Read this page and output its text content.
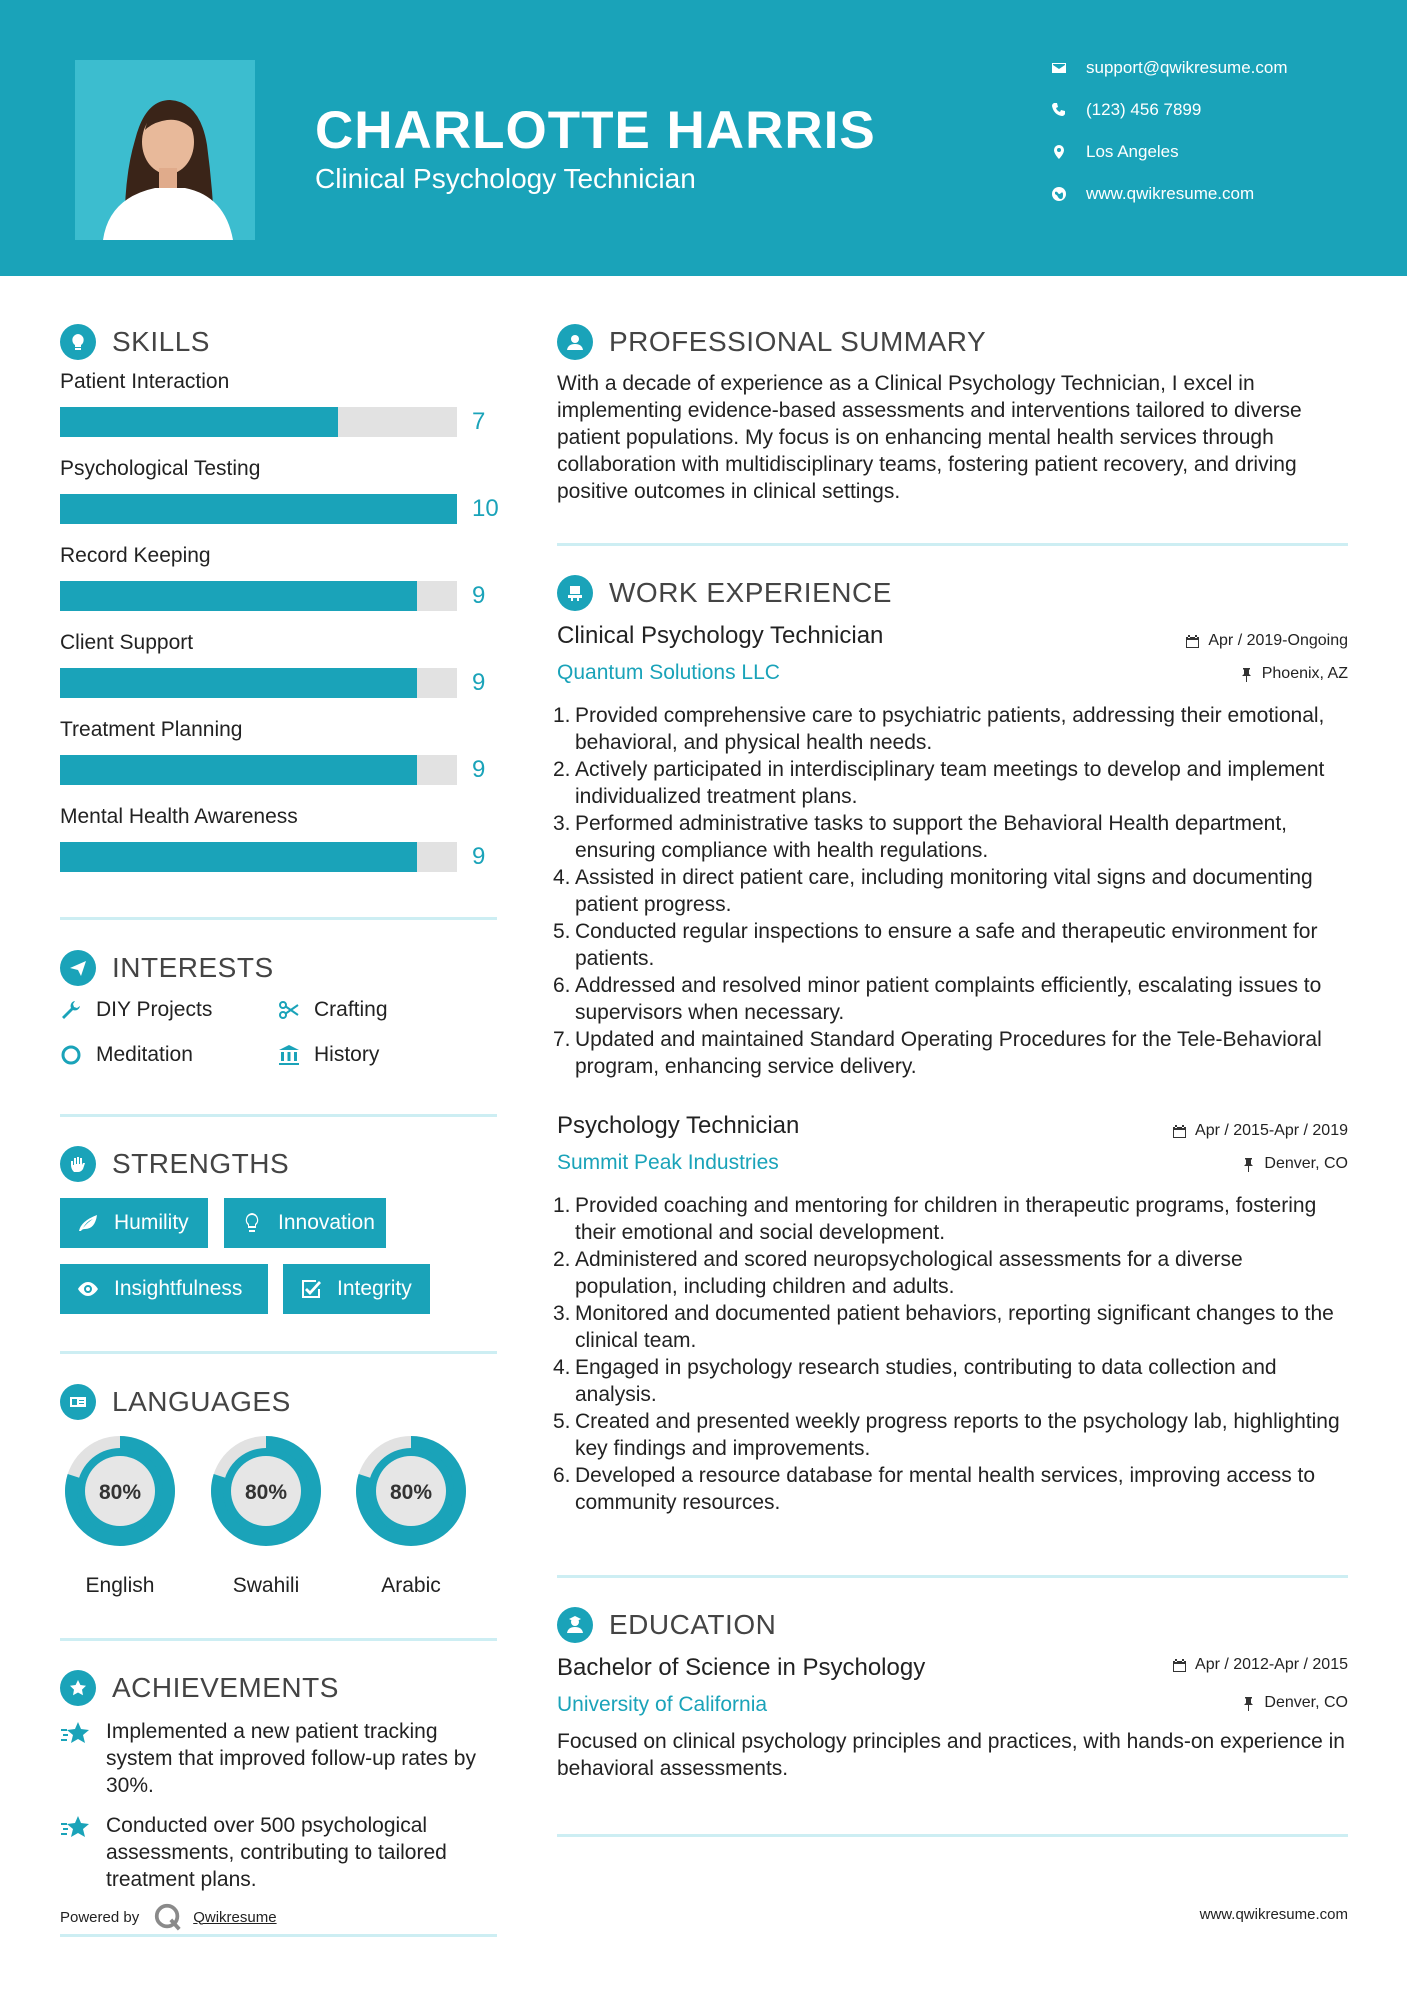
CHARLOTTE HARRIS
Clinical Psychology Technician
support@qwikresume.com
(123) 456 7899
Los Angeles
www.qwikresume.com
SKILLS
Patient Interaction
7
Psychological Testing
10
Record Keeping
9
Client Support
9
Treatment Planning
9
Mental Health Awareness
9
INTERESTS
DIY Projects	Crafting
Meditation	History
STRENGTHS
Humility	Innovation
Insightfulness	Integrity
LANGUAGES
80%
English
80%
Swahili
80%
Arabic
ACHIEVEMENTS
Implemented a new patient tracking system that improved follow-up rates by 30%.
Conducted over 500 psychological assessments, contributing to tailored treatment plans.
Powered by	Qwikresume
PROFESSIONAL SUMMARY
With a decade of experience as a Clinical Psychology Technician, I excel in implementing evidence-based assessments and interventions tailored to diverse patient populations. My focus is on enhancing mental health services through collaboration with multidisciplinary teams, fostering patient recovery, and driving positive outcomes in clinical settings.
WORK EXPERIENCE
Clinical Psychology Technician	Apr / 2019-Ongoing
Quantum Solutions LLC	Phoenix, AZ
1. Provided comprehensive care to psychiatric patients, addressing their emotional, behavioral, and physical health needs.
2. Actively participated in interdisciplinary team meetings to develop and implement individualized treatment plans.
3. Performed administrative tasks to support the Behavioral Health department, ensuring compliance with health regulations.
4. Assisted in direct patient care, including monitoring vital signs and documenting patient progress.
5. Conducted regular inspections to ensure a safe and therapeutic environment for patients.
6. Addressed and resolved minor patient complaints efficiently, escalating issues to supervisors when necessary.
7. Updated and maintained Standard Operating Procedures for the Tele-Behavioral program, enhancing service delivery.
Psychology Technician	Apr / 2015-Apr / 2019
Summit Peak Industries	Denver, CO
1. Provided coaching and mentoring for children in therapeutic programs, fostering their emotional and social development.
2. Administered and scored neuropsychological assessments for a diverse population, including children and adults.
3. Monitored and documented patient behaviors, reporting significant changes to the clinical team.
4. Engaged in psychology research studies, contributing to data collection and analysis.
5. Created and presented weekly progress reports to the psychology lab, highlighting key findings and improvements.
6. Developed a resource database for mental health services, improving access to community resources.
EDUCATION
Bachelor of Science in Psychology	Apr / 2012-Apr / 2015
University of California	Denver, CO
Focused on clinical psychology principles and practices, with hands-on experience in behavioral assessments.
www.qwikresume.com
